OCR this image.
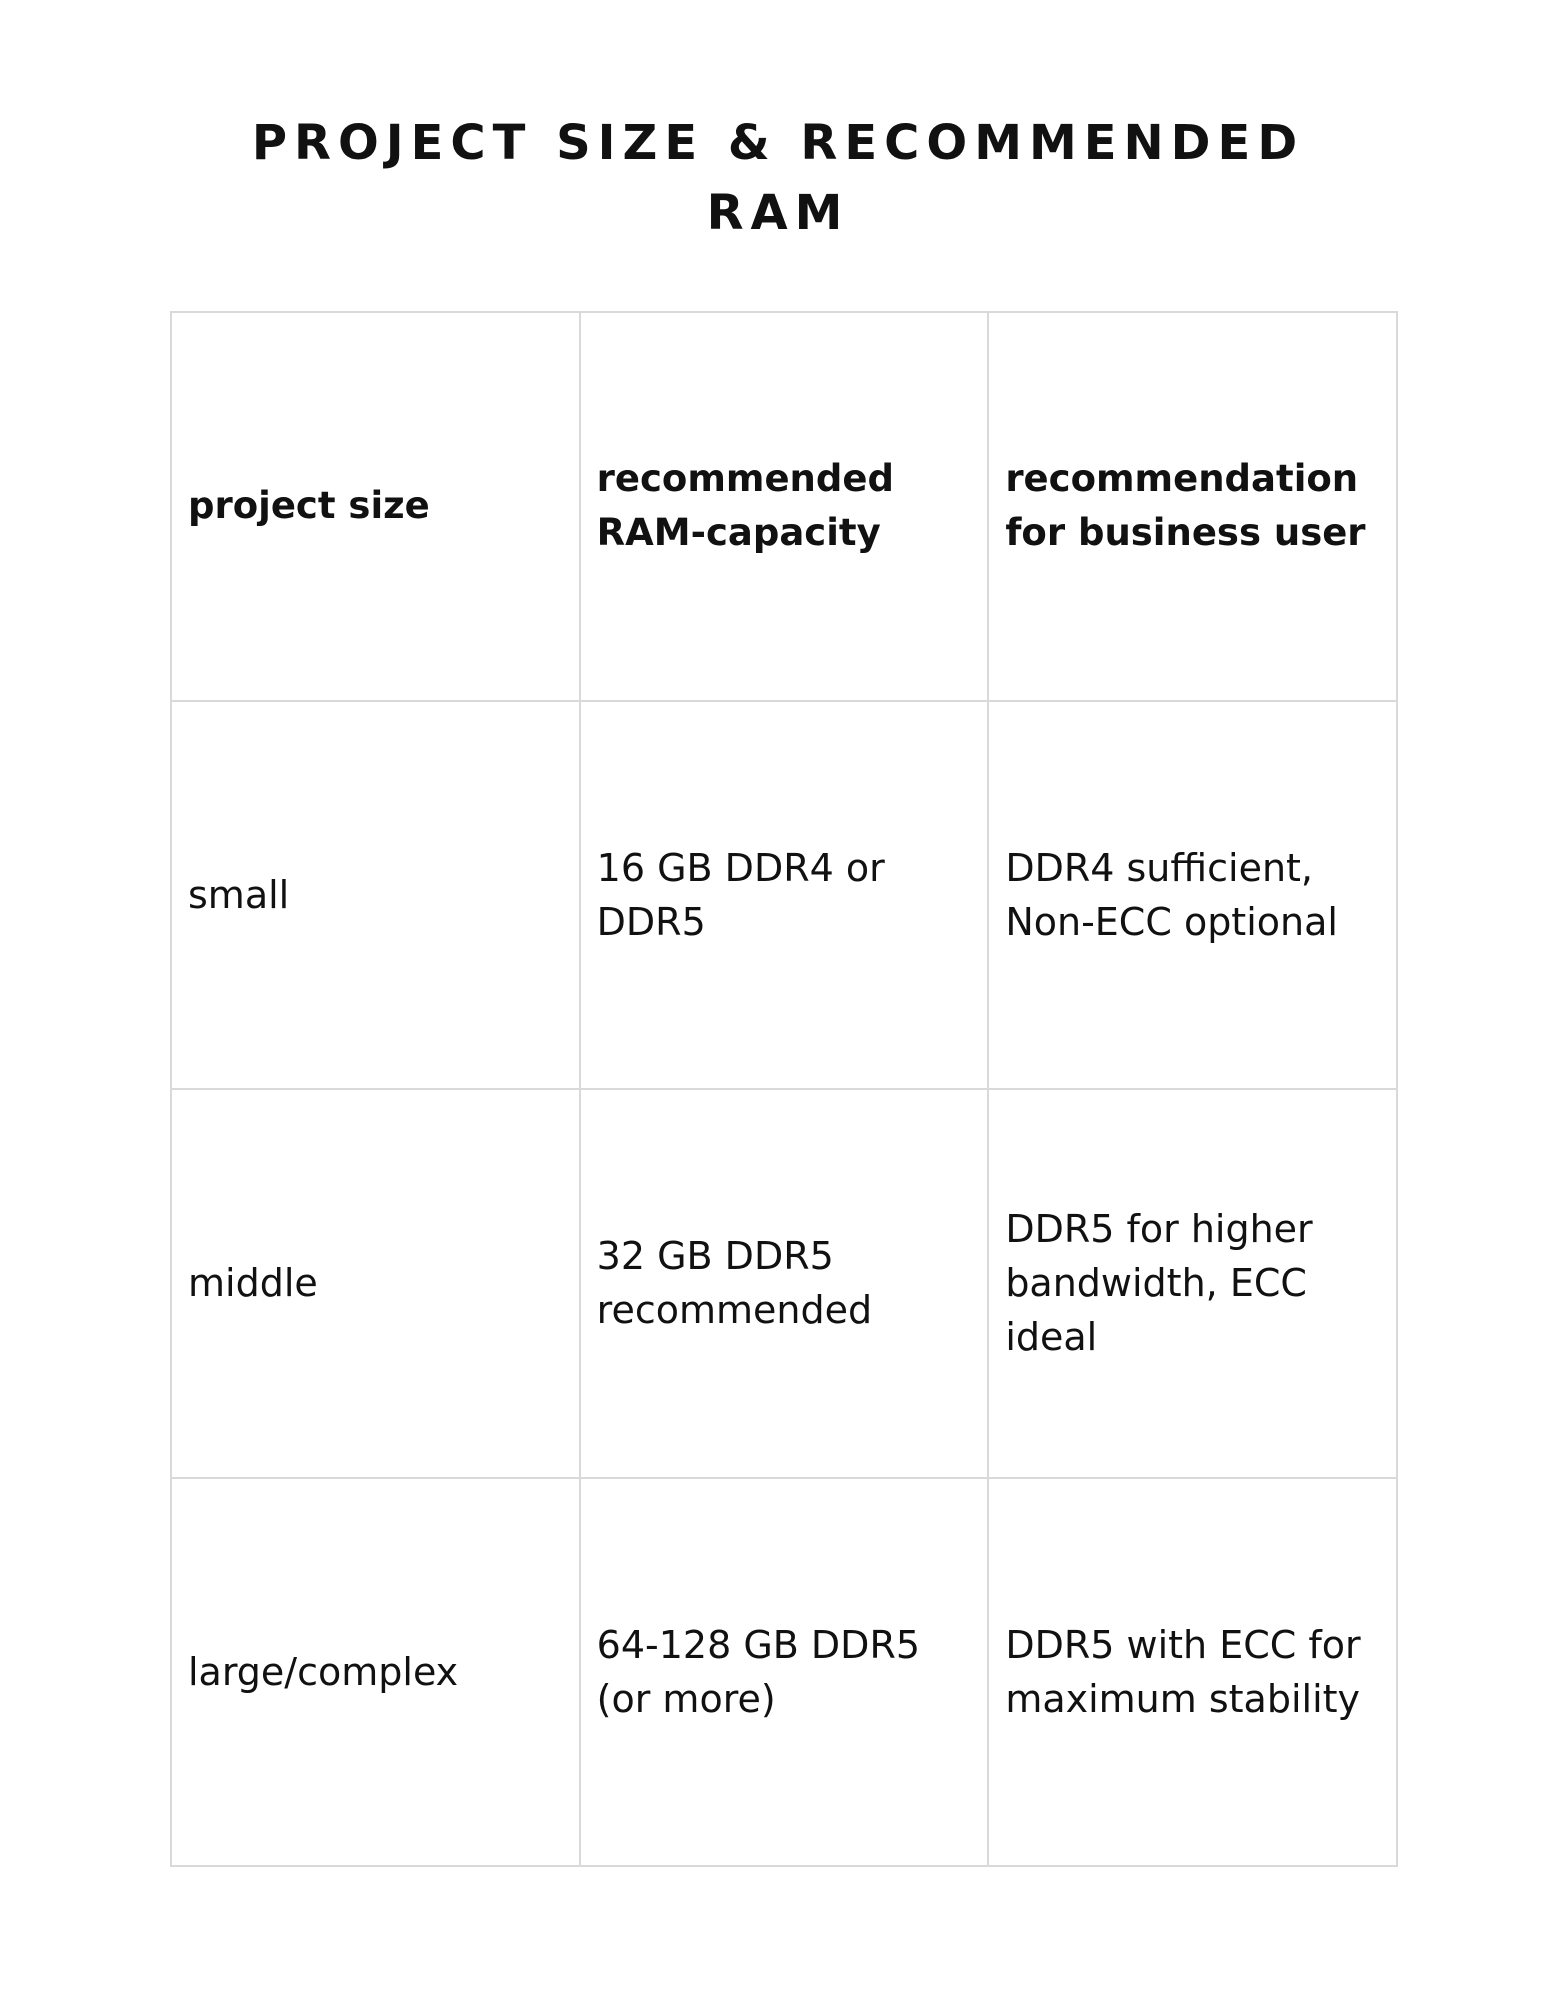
PROJECT SIZE & RECOMMENDED
RAM
project size	recommended RAM-capacity	recommendation for business user
small	16 GB DDR4 or DDR5	DDR4 sufficient, Non-ECC optional
middle	32 GB DDR5 recommended	DDR5 for higher bandwidth, ECC ideal
large/complex	64-128 GB DDR5 (or more)	DDR5 with ECC for maximum stability
